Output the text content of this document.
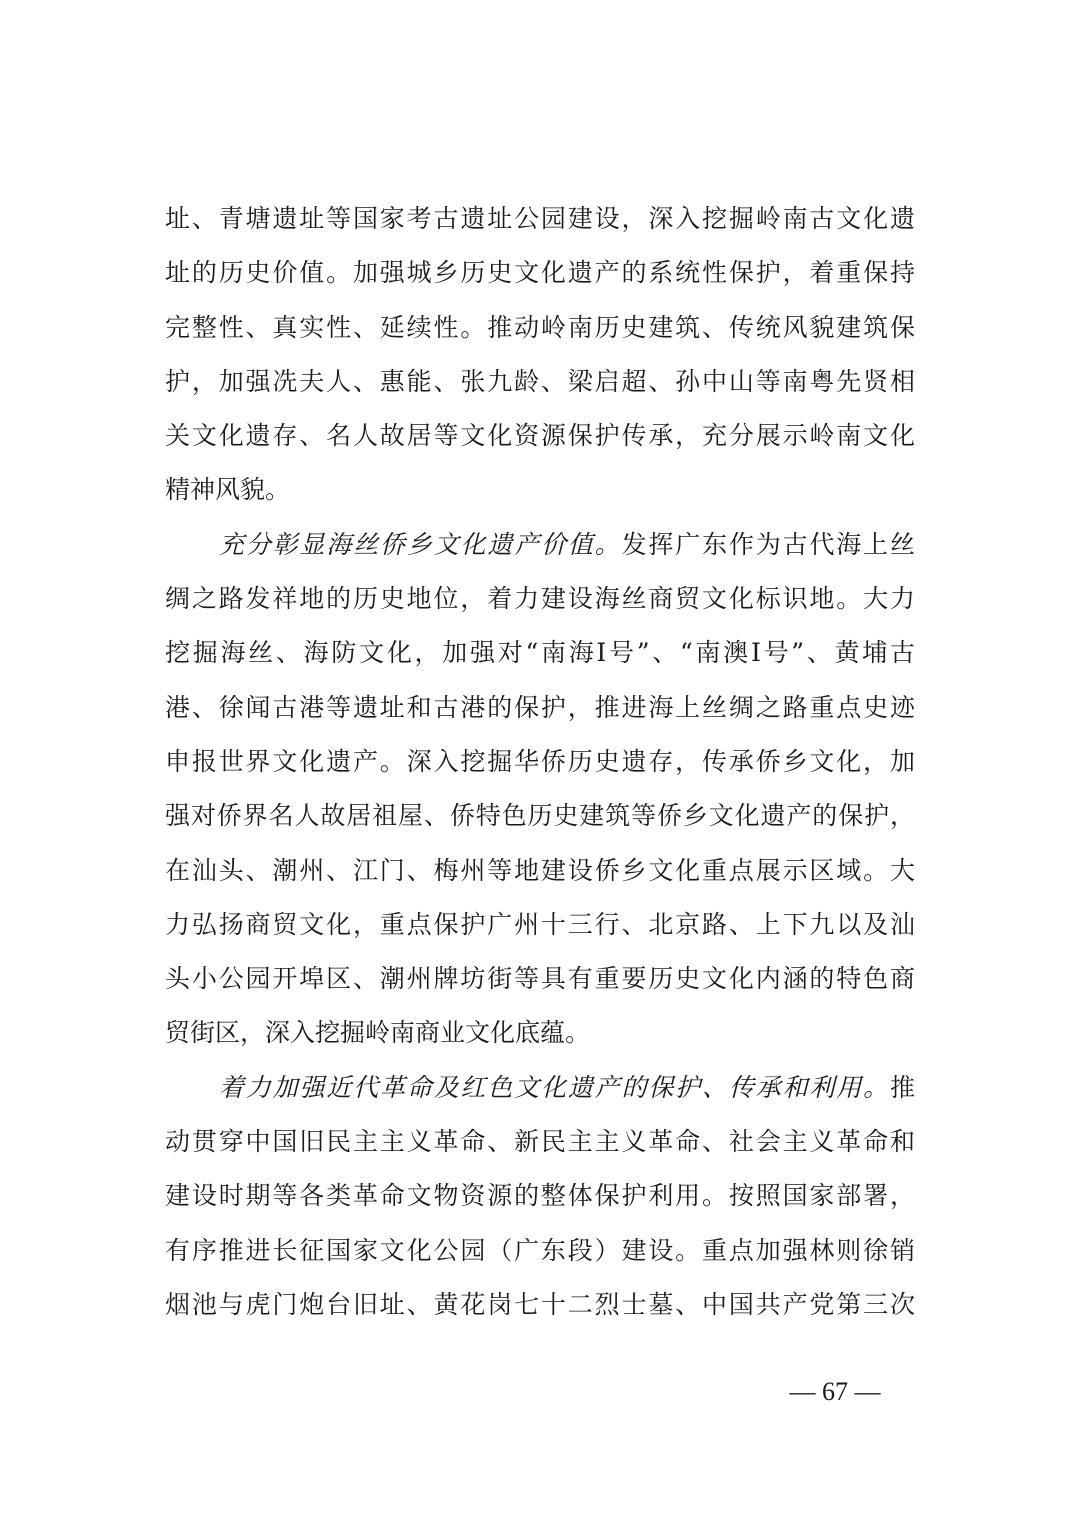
址、青塘遗址等国家考古遗址公园建设，深入挖掘岭南古文化遗
址的历史价值。加强城乡历史文化遗产的系统性保护，着重保持
完整性、真实性、延续性。推动岭南历史建筑、传统风貌建筑保
护，加强冼夫人、惠能、张九龄、梁启超、孙中山等南粤先贤相
关文化遗存、名人故居等文化资源保护传承，充分展示岭南文化
精神风貌。
充分彰显海丝侨乡文化遗产价值。发挥广东作为古代海上丝
绸之路发祥地的历史地位，着力建设海丝商贸文化标识地。大力
挖掘海丝、海防文化，加强对“南海Ⅰ号”、“南澳Ⅰ号”、黄埔古
港、徐闻古港等遗址和古港的保护，推进海上丝绸之路重点史迹
申报世界文化遗产。深入挖掘华侨历史遗存，传承侨乡文化，加
强对侨界名人故居祖屋、侨特色历史建筑等侨乡文化遗产的保护，
在汕头、潮州、江门、梅州等地建设侨乡文化重点展示区域。大
力弘扬商贸文化，重点保护广州十三行、北京路、上下九以及汕
头小公园开埠区、潮州牌坊街等具有重要历史文化内涵的特色商
贸街区，深入挖掘岭南商业文化底蕴。
着力加强近代革命及红色文化遗产的保护、传承和利用。推
动贯穿中国旧民主主义革命、新民主主义革命、社会主义革命和
建设时期等各类革命文物资源的整体保护利用。按照国家部署，
有序推进长征国家文化公园（广东段）建设。重点加强林则徐销
烟池与虎门炮台旧址、黄花岗七十二烈士墓、中国共产党第三次
— 67 —
